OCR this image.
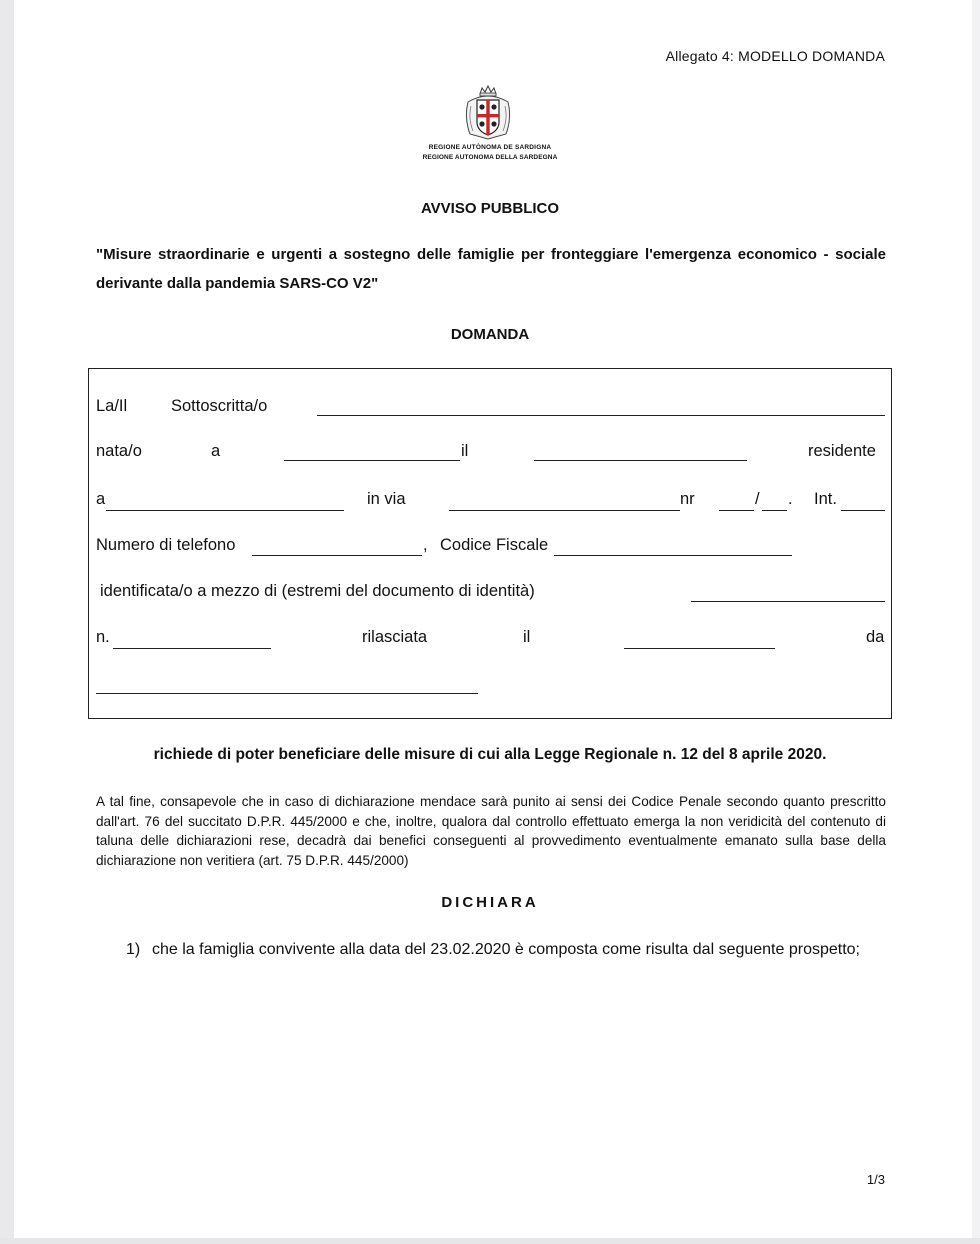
Allegato 4: MODELLO DOMANDA
REGIONE AUTÒNOMA DE SARDIGNA
REGIONE AUTONOMA DELLA SARDEGNA
AVVISO PUBBLICO
"Misure straordinarie e urgenti a sostegno delle famiglie per fronteggiare l'emergenza economico - sociale derivante dalla pandemia SARS-CO V2"
DOMANDA
La/Il	Sottoscritta/o
nata/o	a	il	residente
a	in via	nr	/ . Int.
Numero di telefono	, Codice Fiscale
identificata/o a mezzo di (estremi del documento di identità)
n.	rilasciata	il	da
richiede di poter beneficiare delle misure di cui alla Legge Regionale n. 12 del 8 aprile 2020.
A tal fine, consapevole che in caso di dichiarazione mendace sarà punito ai sensi dei Codice Penale secondo quanto prescritto dall'art. 76 del succitato D.P.R. 445/2000 e che, inoltre, qualora dal controllo effettuato emerga la non veridicità del contenuto di taluna delle dichiarazioni rese, decadrà dai benefici conseguenti al provvedimento eventualmente emanato sulla base della dichiarazione non veritiera (art. 75 D.P.R. 445/2000)
DICHIARA
1) che la famiglia convivente alla data del 23.02.2020 è composta come risulta dal seguente prospetto;
1/3
